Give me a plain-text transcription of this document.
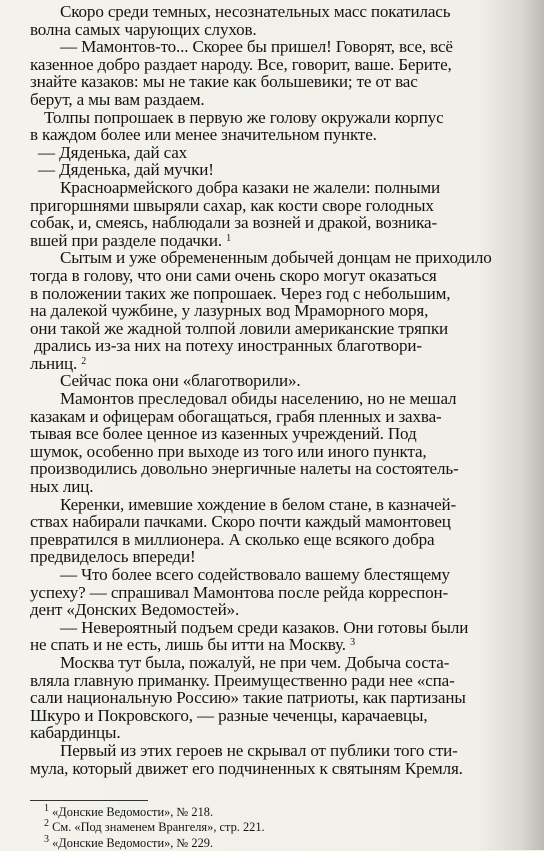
Скоро среди темных, несознательных масс покатилась
волна самых чарующих слухов.

— Мамонтов-то... Скорее бы пришел! Говорят, все, всё
казенное добро раздает народу. Все, говорит, ваше. Берите,
знайте казаков: мы не такие как большевики; те от вас
берут, а мы вам раздаем.

Толпы попрошаек в первую же голову окружали корпус
в каждом более или менее значительном пункте.

— Дяденька, дай сах

— Дяденька, дай мучки!

Красноармейского добра казаки не жалели: полными
пригоршнями швыряли сахар, как кости своре голодных
собак, и, смеясь, наблюдали за возней и дракой, возника-
вшей при разделе подачки. $^1$

Сытым и уже обремененным добычей донцам не приходило
тогда в голову, что они сами очень скоро могут оказаться
в положении таких же попрошаек. Через год с небольшим,
на далекой чужбине, у лазурных вод Мраморного моря,
они такой же жадной толпой ловили американские тряпки
дрались из-за них на потеху иностранных благотвори-
льниц. $^2$

Сейчас пока они «благотворили».

Мамонтов преследовал обиды населению, но не мешал
казакам и офицерам обогащаться, грабя пленных и захва-
тывая все более ценное из казенных учреждений. Под
шумок, особенно при выходе из того или иного пункта,
производились довольно энергичные налеты на состоятель-
ных лиц.

Керенки, имевшие хождение в белом стане, в казначей-
ствах набирали пачками. Скоро почти каждый мамонтовец
превратился в миллионера. А сколько еще всякого добра
предвиделось впереди!

— Что более всего содействовало вашему блестящему
успеху? — спрашивал Мамонтова после рейда корреспон-
дент «Донских Ведомостей».

— Невероятный подъем среди казаков. Они готовы были
не спать и не есть, лишь бы итти на Москву. $^3$

Москва тут была, пожалуй, не при чем. Добыча соста-
вляла главную приманку. Преимущественно ради нее «спа-
сали национальную Россию» такие патриоты, как партизаны
Шкуро и Покровского, — разные чеченцы, карачаевцы,
кабардинцы.

Первый из этих героев не скрывал от публики того сти-
мула, который движет его подчиненных к святыням Кремля.

$^1$ «Донские Ведомости», № 218.
$^2$ См. «Под знаменем Врангеля», стр. 221.
$^3$ «Донские Ведомости», № 229.
